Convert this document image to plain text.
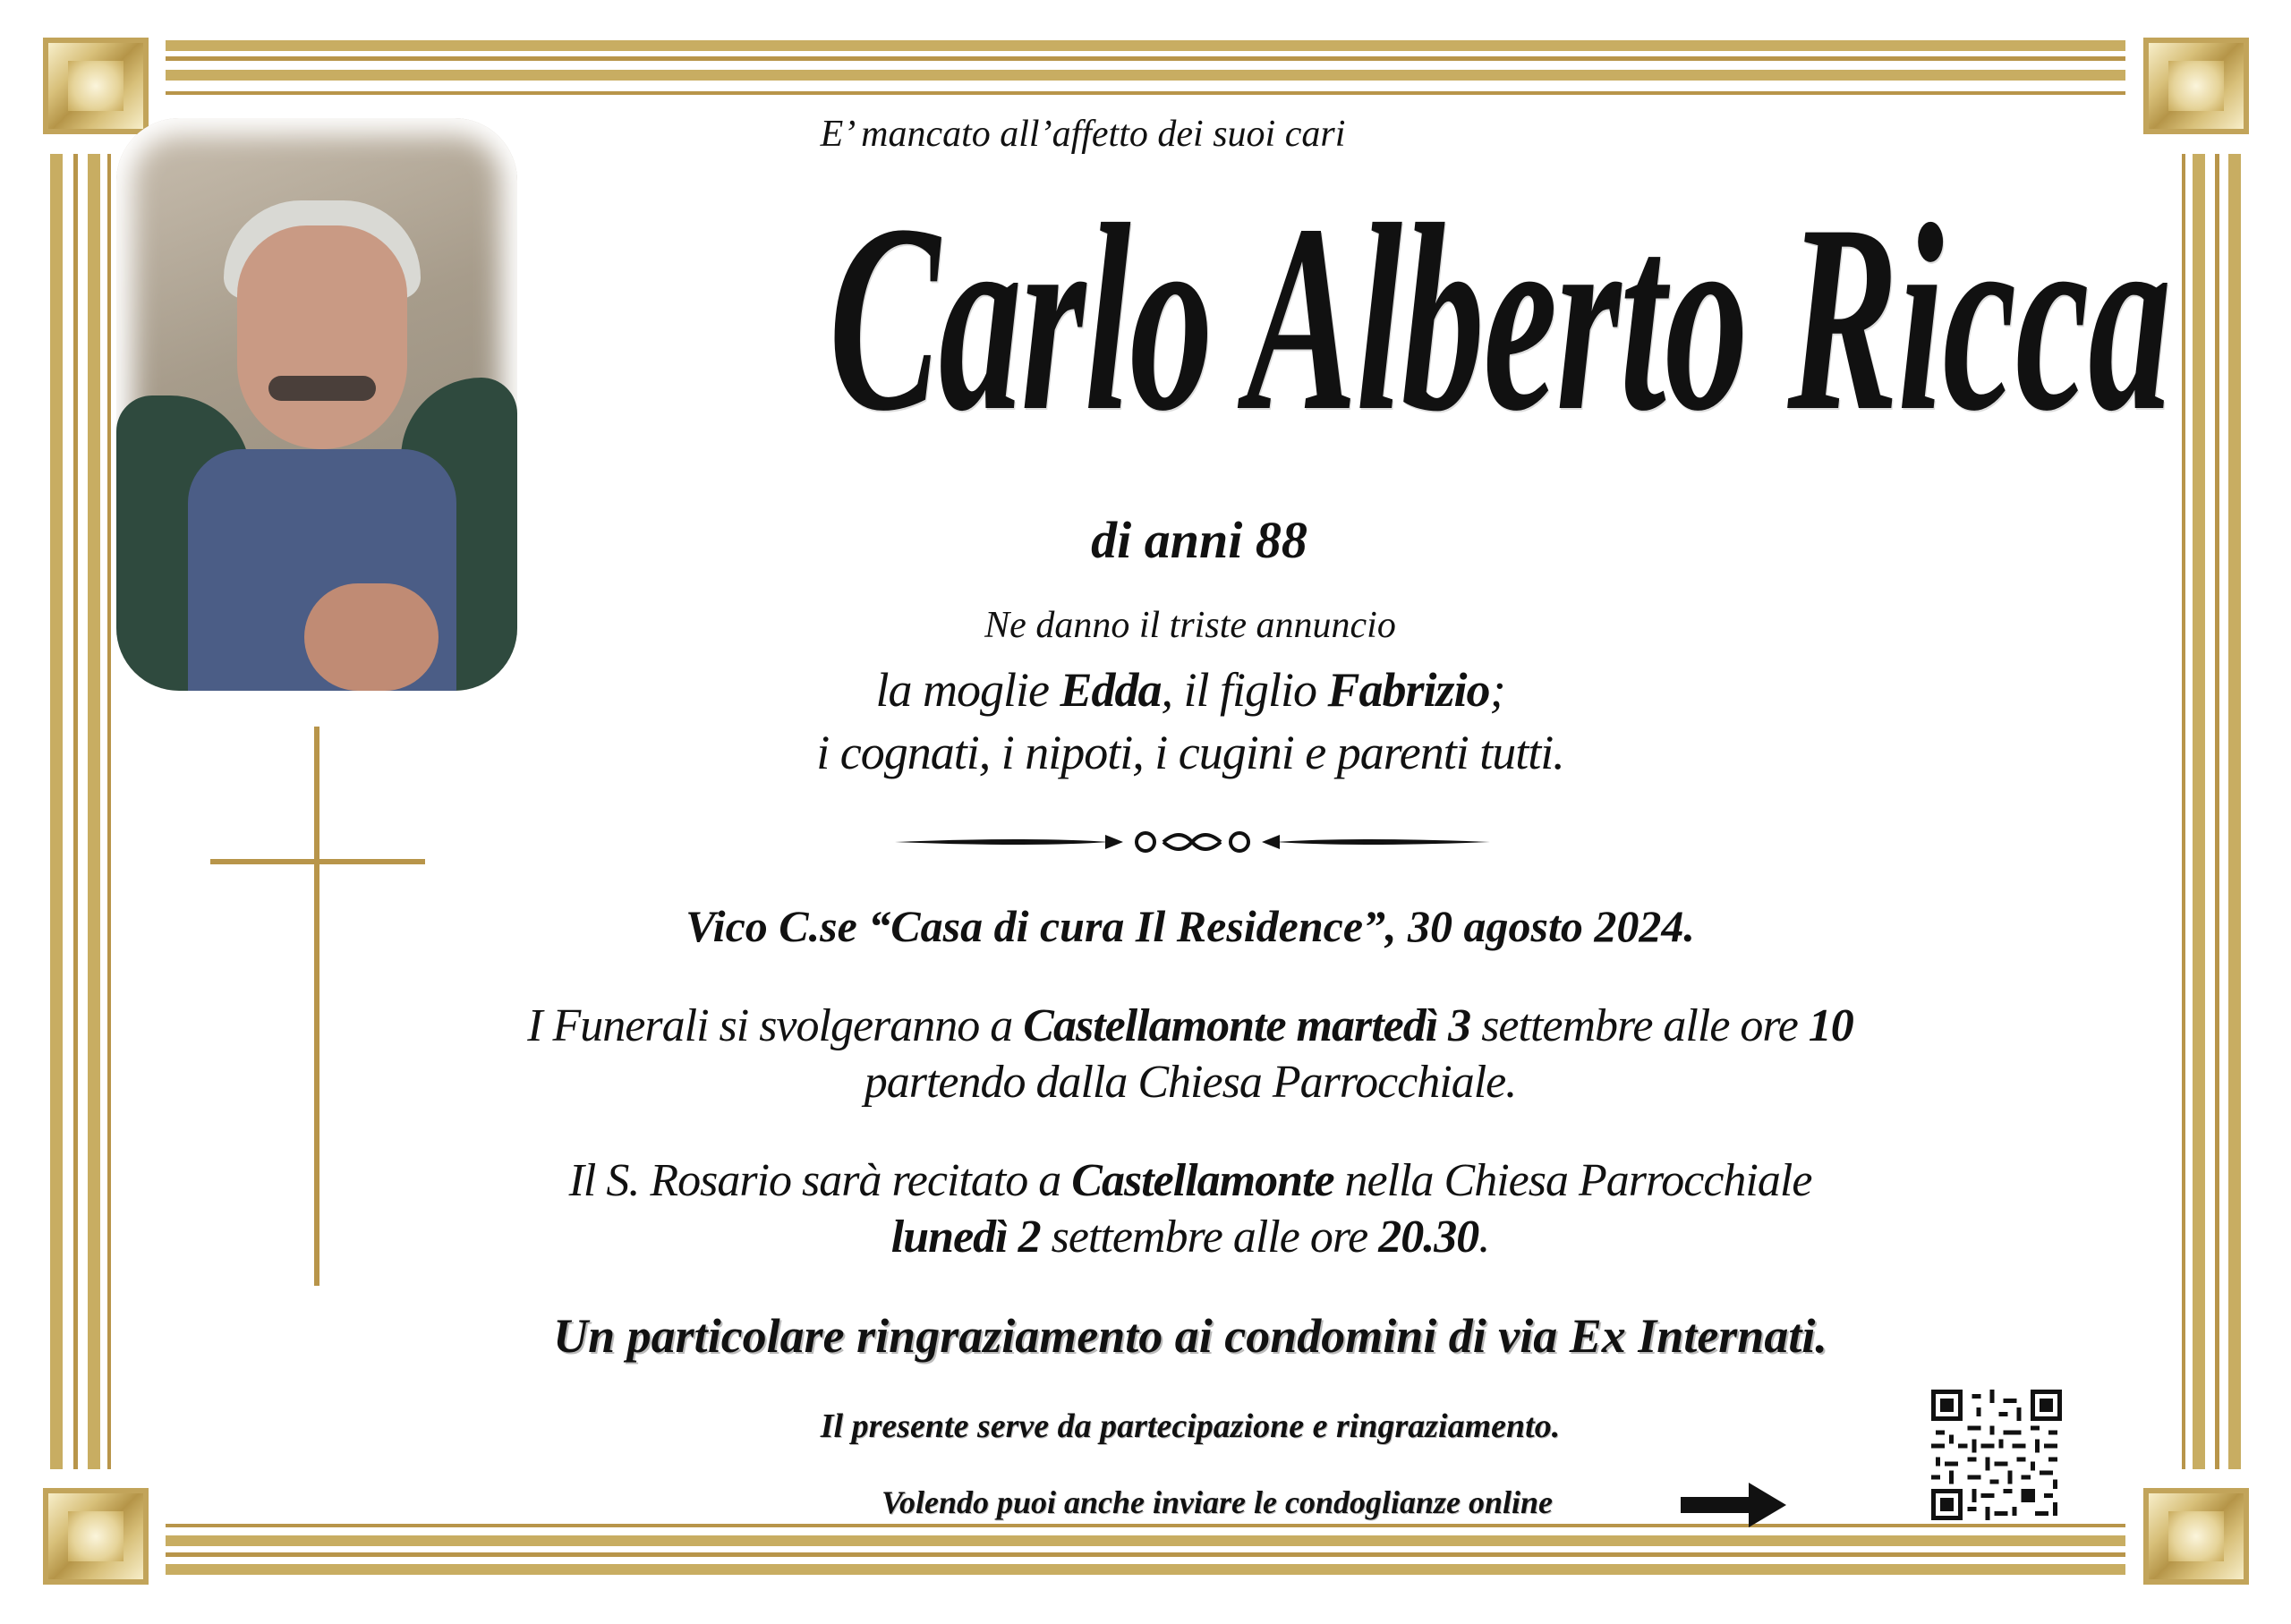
E’ mancato all’affetto dei suoi cari
Carlo Alberto Ricca
di anni 88
Ne danno il triste annuncio
la moglie Edda, il figlio Fabrizio;
i cognati, i nipoti, i cugini e parenti tutti.
Vico C.se “Casa di cura Il Residence”, 30 agosto 2024.
I Funerali si svolgeranno a Castellamonte martedì 3 settembre alle ore 10
partendo dalla Chiesa Parrocchiale.
Il S. Rosario sarà recitato a Castellamonte nella Chiesa Parrocchiale
lunedì 2 settembre alle ore 20.30.
Un particolare ringraziamento ai condomini di via Ex Internati.
Il presente serve da partecipazione e ringraziamento.
Volendo puoi anche inviare le condoglianze online
